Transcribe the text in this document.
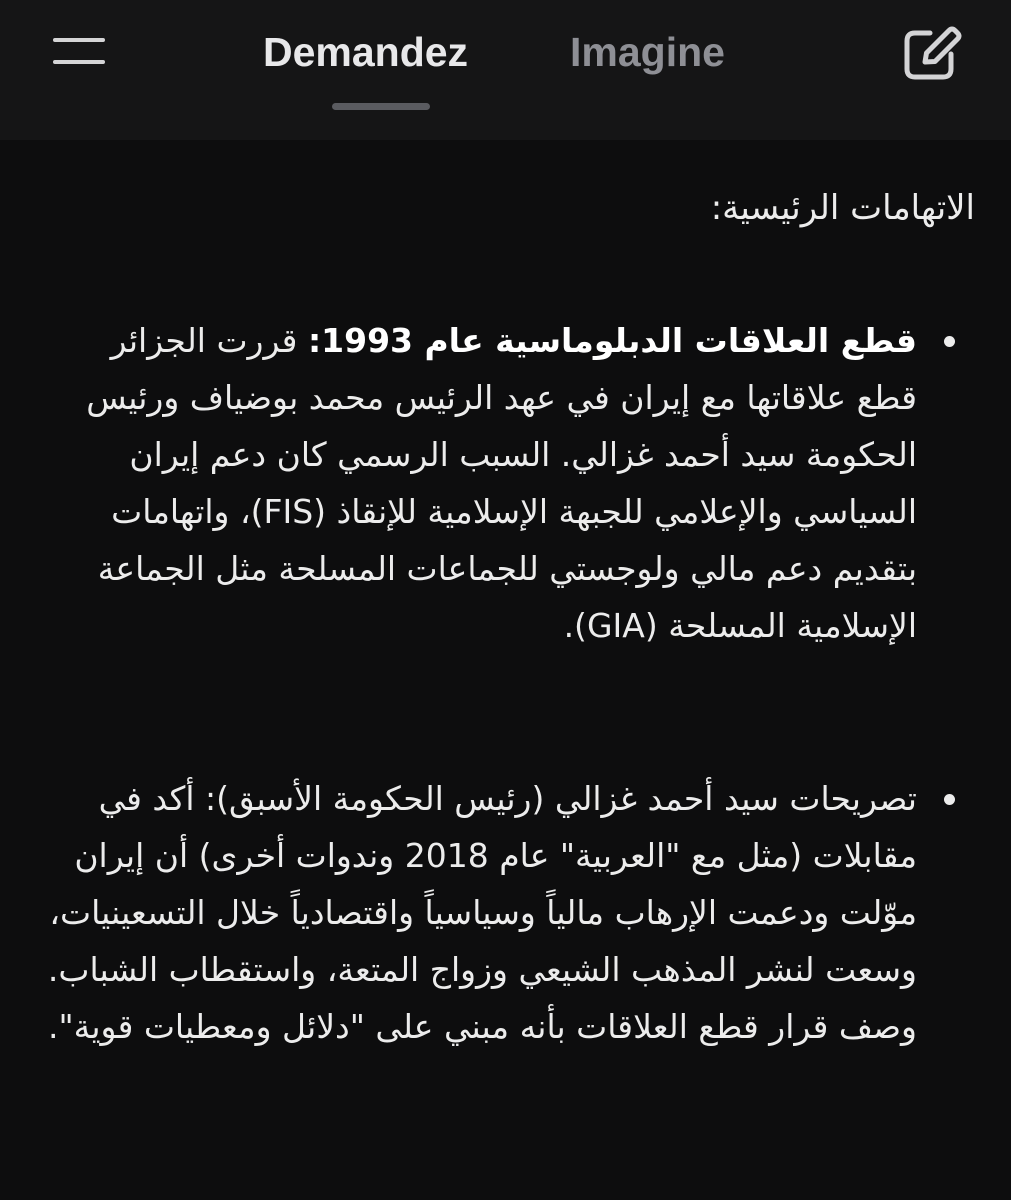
Demandez Imagine

الاتهامات الرئيسية:

قطع العلاقات الدبلوماسية عام 1993: قررت الجزائر قطع علاقاتها مع إيران في عهد الرئيس محمد بوضياف ورئيس الحكومة سيد أحمد غزالي. السبب الرسمي كان دعم إيران السياسي والإعلامي للجبهة الإسلامية للإنقاذ (FIS)، واتهامات بتقديم دعم مالي ولوجستي للجماعات المسلحة مثل الجماعة الإسلامية المسلحة (GIA).

تصريحات سيد أحمد غزالي (رئيس الحكومة الأسبق): أكد في مقابلات (مثل مع "العربية" عام 2018 وندوات أخرى) أن إيران موّلت ودعمت الإرهاب مالياً وسياسياً واقتصادياً خلال التسعينيات، وسعت لنشر المذهب الشيعي وزواج المتعة، واستقطاب الشباب. وصف قرار قطع العلاقات بأنه مبني على "دلائل ومعطيات قوية".
